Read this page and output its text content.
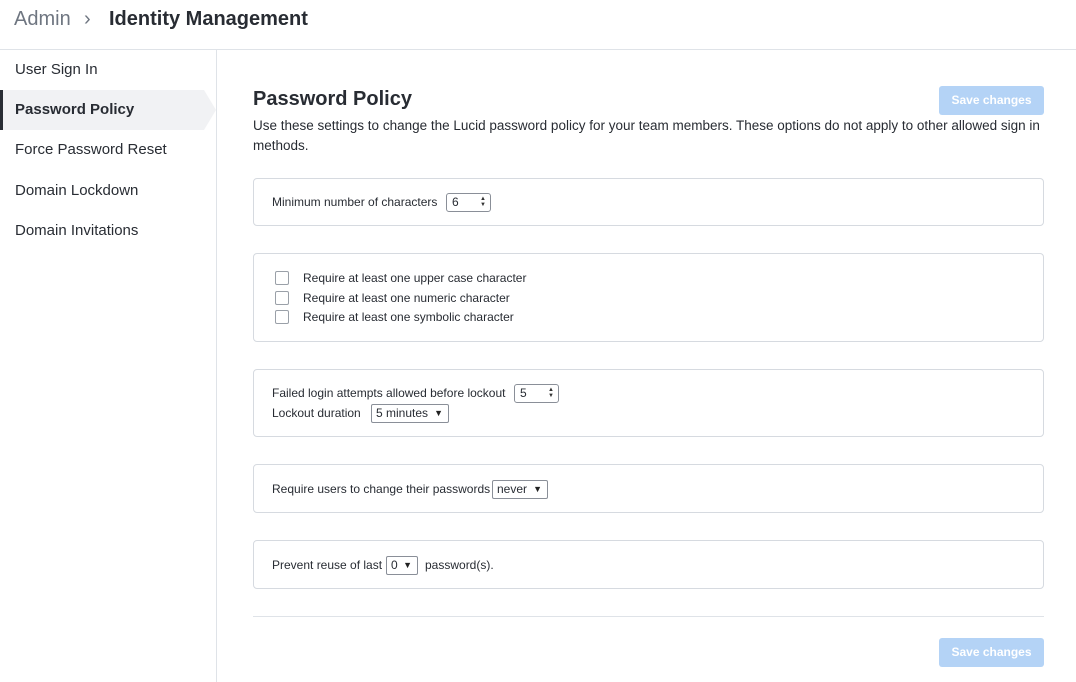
Admin › Identity Management
User Sign In
Password Policy
Force Password Reset
Domain Lockdown
Domain Invitations
Password Policy	Save changes
Use these settings to change the Lucid password policy for your team members. These options do not apply to other allowed sign in methods.
Minimum number of characters	6	▲
▼
Require at least one upper case character
Require at least one numeric character
Require at least one symbolic character
Failed login attempts allowed before lockout	5	▲
▼
Lockout duration	5 minutes ▼
Require users to change their passwords never ▼
Prevent reuse of last 0 ▼ password(s).
Save changes
